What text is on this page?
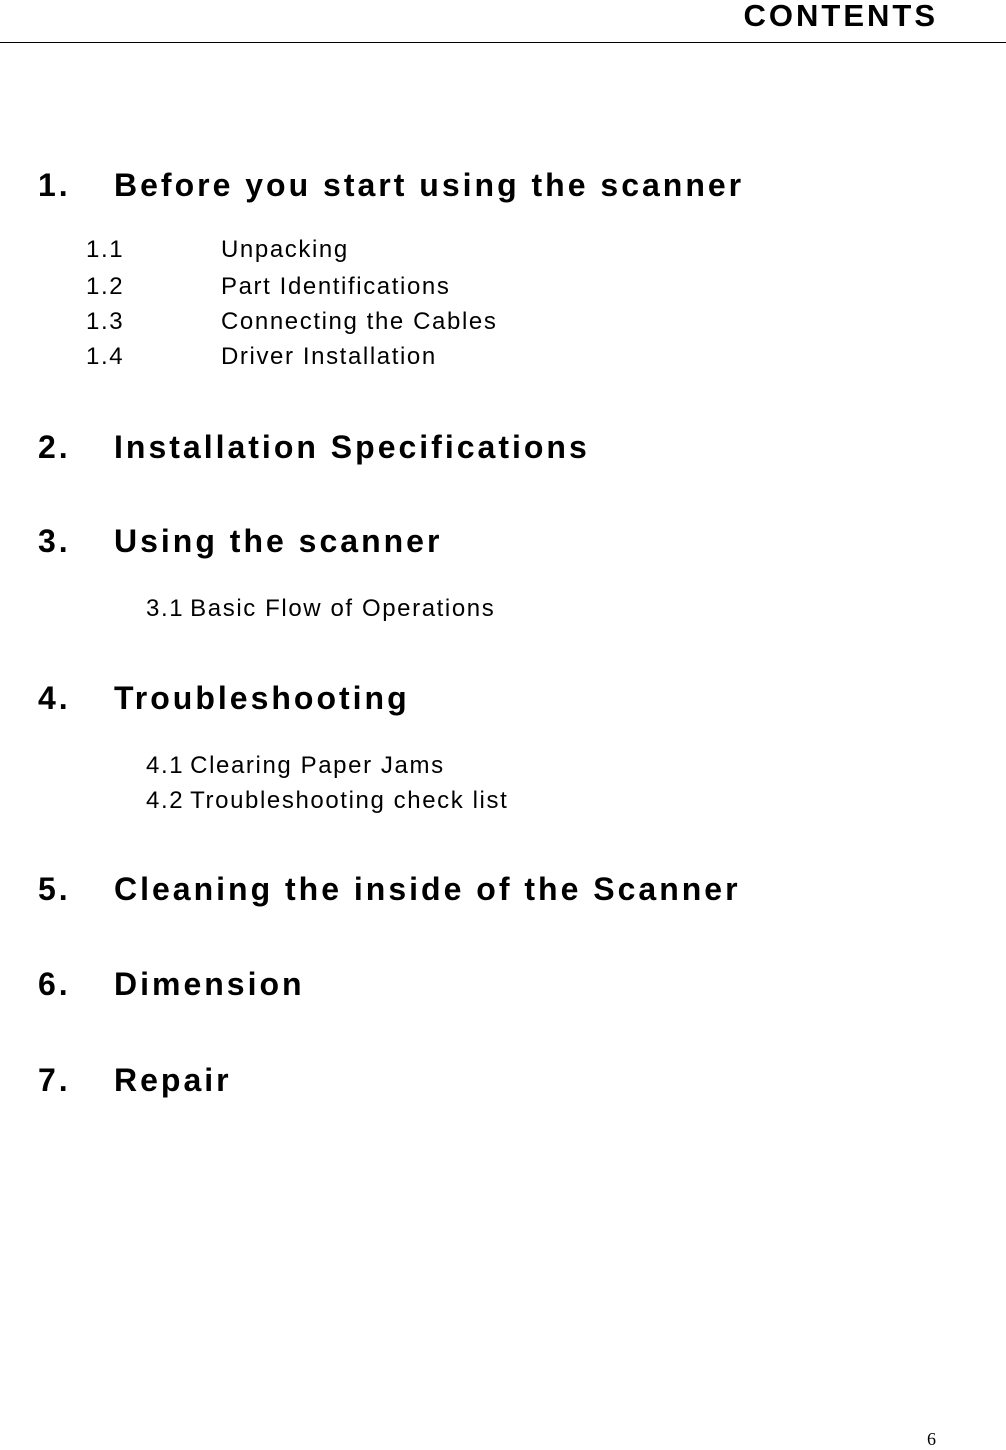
CONTENTS
1. Before you start using the scanner
1.1	Unpacking
1.2	Part Identifications
1.3	Connecting the Cables
1.4	Driver Installation
2. Installation Specifications
3. Using the scanner
3.1 Basic Flow of Operations
4. Troubleshooting
4.1 Clearing Paper Jams
4.2 Troubleshooting check list
5. Cleaning the inside of the Scanner
6. Dimension
7. Repair
6
